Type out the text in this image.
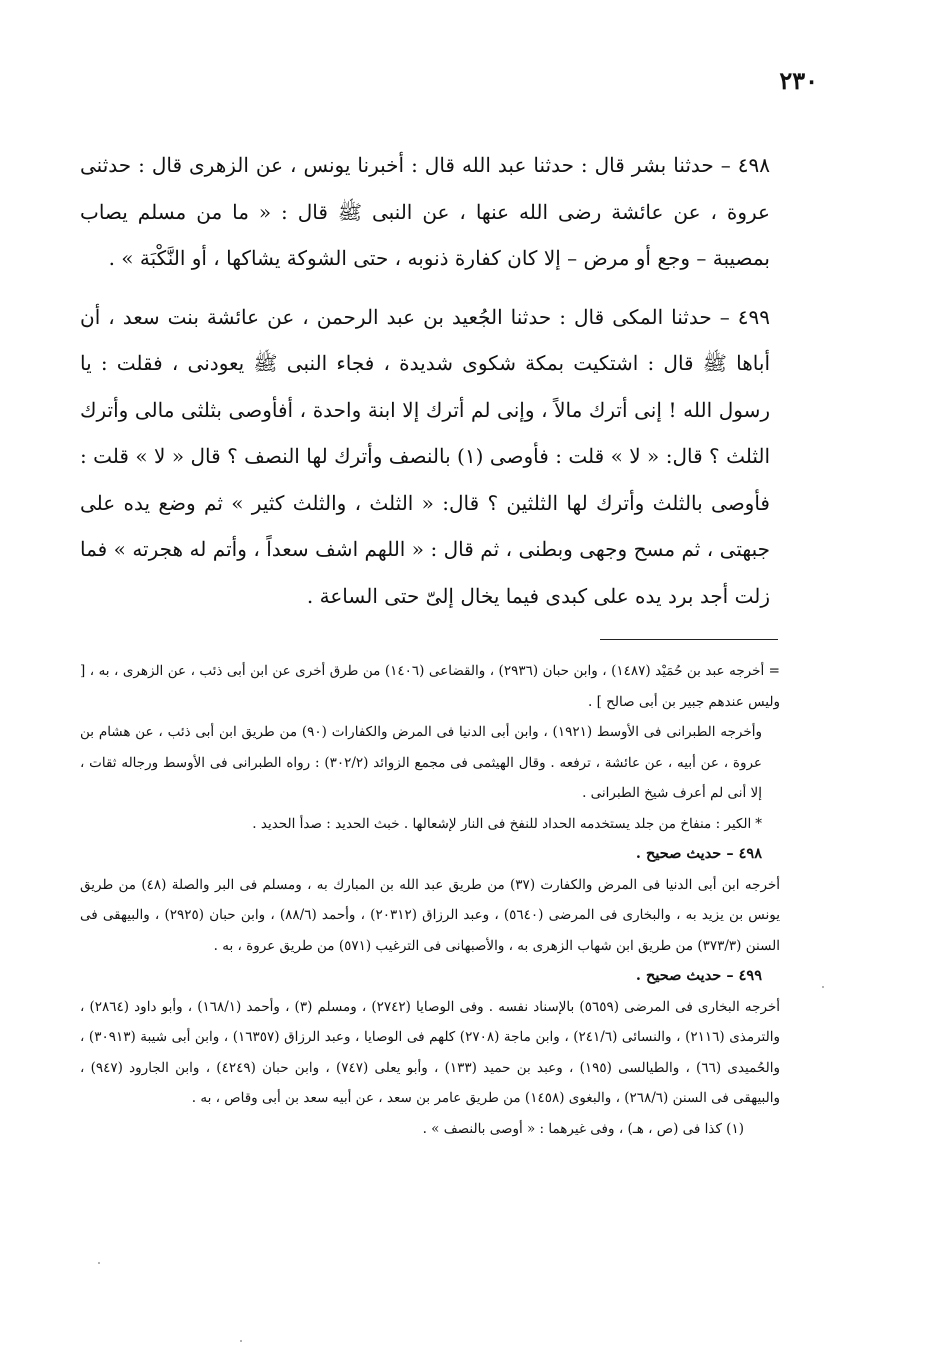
٢٣٠

٤٩٨ – حدثنا بشر قال : حدثنا عبد الله قال : أخبرنا يونس ، عن الزهرى قال : حدثنى عروة ، عن عائشة رضى الله عنها ، عن النبى ﷺ قال : « ما من مسلم يصاب بمصيبة – وجع أو مرض – إلا كان كفارة ذنوبه ، حتى الشوكة يشاكها ، أو النَّكْبَة » .

٤٩٩ – حدثنا المكى قال : حدثنا الجُعيد بن عبد الرحمن ، عن عائشة بنت سعد ، أن أباها ﷺ قال : اشتكيت بمكة شكوى شديدة ، فجاء النبى ﷺ يعودنى ، فقلت : يا رسول الله ! إنى أترك مالاً ، وإنى لم أترك إلا ابنة واحدة ، أفأوصى بثلثى مالى وأترك الثلث ؟ قال: « لا » قلت : فأوصى (١) بالنصف وأترك لها النصف ؟ قال « لا » قلت : فأوصى بالثلث وأترك لها الثلثين ؟ قال: « الثلث ، والثلث كثير » ثم وضع يده على جبهتى ، ثم مسح وجهى وبطنى ، ثم قال : « اللهم اشف سعداً ، وأتم له هجرته » فما زلت أجد برد يده على كبدى فيما يخال إلىّ حتى الساعة .

= أخرجه عبد بن حُمَيْد (١٤٨٧) ، وابن حبان (٢٩٣٦) ، والقضاعى (١٤٠٦) من طرق أخرى عن ابن أبى ذئب ، عن الزهرى ، به ، [ وليس عندهم جبير بن أبى صالح ] .

وأخرجه الطبرانى فى الأوسط (١٩٢١) ، وابن أبى الدنيا فى المرض والكفارات (٩٠) من طريق ابن أبى ذئب ، عن هشام بن عروة ، عن أبيه ، عن عائشة ، ترفعه . وقال الهيثمى فى مجمع الزوائد (٣٠٢/٢) : رواه الطبرانى فى الأوسط ورجاله ثقات ، إلا أنى لم أعرف شيخ الطبرانى .

*الكير : منفاخ من جلد يستخدمه الحداد للنفخ فى النار لإشعالها . خبث الحديد : صدأ الحديد .

٤٩٨ – حديث صحيح .

أخرجه ابن أبى الدنيا فى المرض والكفارت (٣٧) من طريق عبد الله بن المبارك به ، ومسلم فى البر والصلة (٤٨) من طريق يونس بن يزيد به ، والبخارى فى المرضى (٥٦٤٠) ، وعبد الرزاق (٢٠٣١٢) ، وأحمد (٨٨/٦) ، وابن حبان (٢٩٢٥) ، والبيهقى فى السنن (٣٧٣/٣) من طريق ابن شهاب الزهرى به ، والأصبهانى فى الترغيب (٥٧١) من طريق عروة ، به .

٤٩٩ – حديث صحيح .

أخرجه البخارى فى المرضى (٥٦٥٩) بالإسناد نفسه . وفى الوصايا (٢٧٤٢) ، ومسلم (٣) ، وأحمد (١٦٨/١) ، وأبو داود (٢٨٦٤) ، والترمذى (٢١١٦) ، والنسائى (٢٤١/٦) ، وابن ماجة (٢٧٠٨) كلهم فى الوصايا ، وعبد الرزاق (١٦٣٥٧) ، وابن أبى شيبة (٣٠٩١٣) ، والحُميدى (٦٦) ، والطيالسى (١٩٥) ، وعبد بن حميد (١٣٣) ، وأبو يعلى (٧٤٧) ، وابن حبان (٤٢٤٩) ، وابن الجارود (٩٤٧) ، والبيهقى فى السنن (٢٦٨/٦) ، والبغوى (١٤٥٨) من طريق عامر بن سعد ، عن أبيه سعد بن أبى وقاص ، به .

(١) كذا فى (ص ، هـ) ، وفى غيرهما : « أوصى بالنصف » .
